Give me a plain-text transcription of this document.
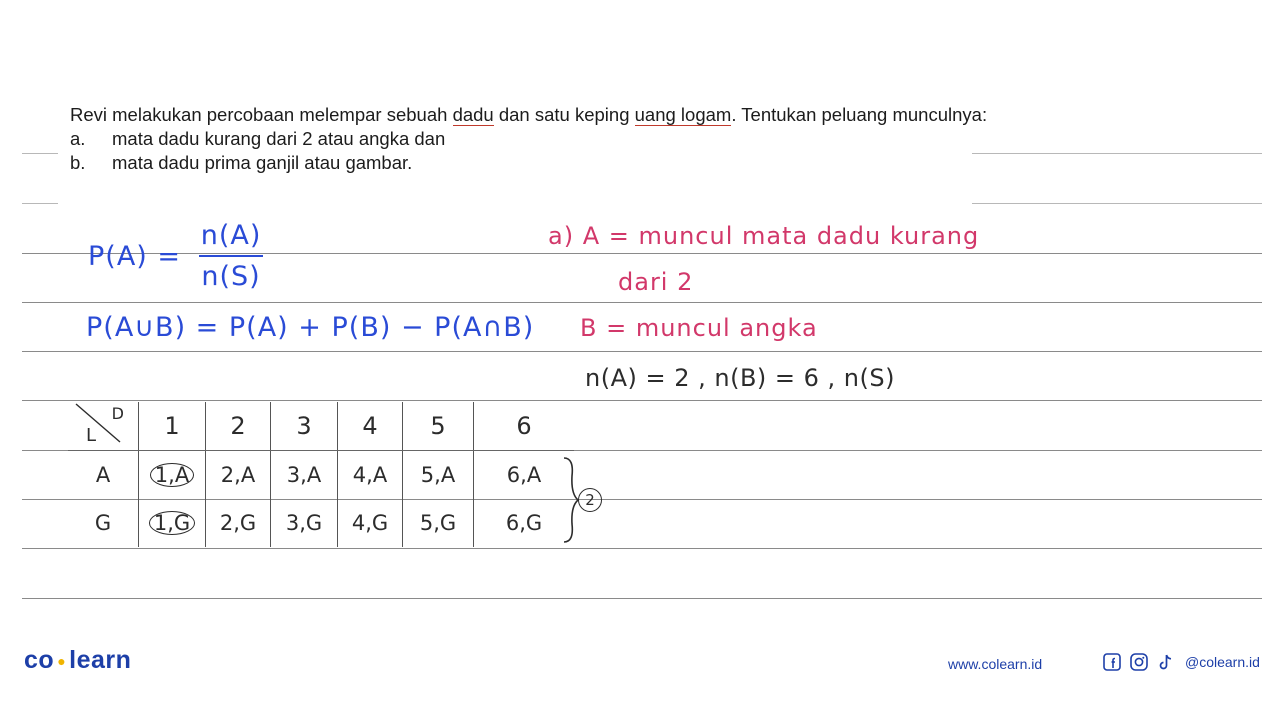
Revi melakukan percobaan melempar sebuah dadu dan satu keping uang logam. Tentukan peluang munculnya:

a.	mata dadu kurang dari 2 atau angka dan
b.	mata dadu prima ganjil atau gambar.
$P(A) = \frac{n(A)}{n(S)}$
P(A∪B) = P(A) + P(B) − P(A∩B)
a) A = muncul mata dadu kurang
dari 2
B = muncul angka
n(A) = 2 , n(B) = 6 , n(S)
D
L	1	2	3	4	5	6
A	1,A	2,A	3,A	4,A	5,A	6,A
G	1,G	2,G	3,G	4,G	5,G	6,G
2
co ● learn	www.colearn.id	@colearn.id
